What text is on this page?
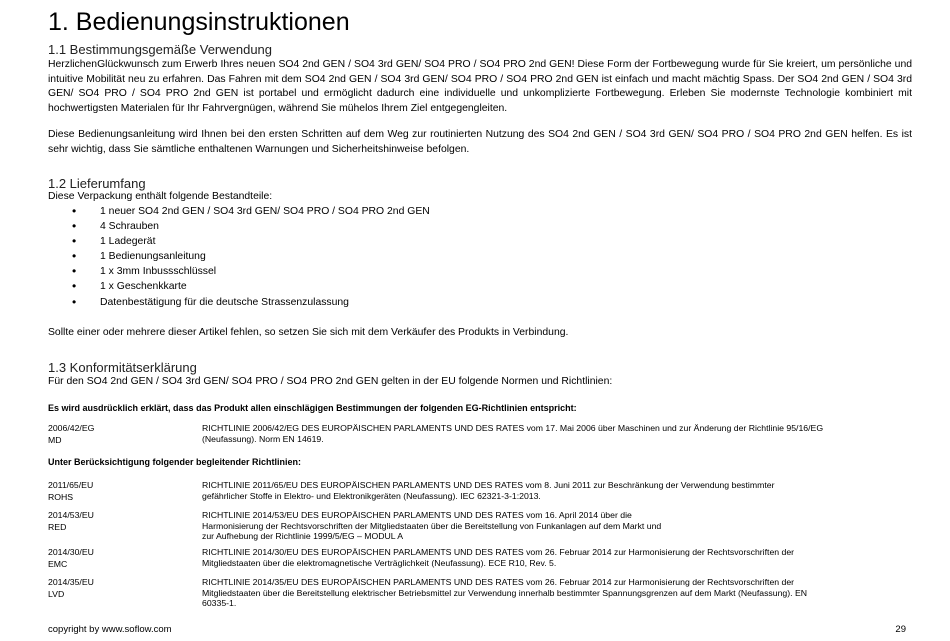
1. Bedienungsinstruktionen
1.1 Bestimmungsgemäße Verwendung

HerzlichenGlückwunsch zum Erwerb Ihres neuen SO4 2nd GEN / SO4 3rd GEN/ SO4 PRO / SO4 PRO 2nd GEN! Diese Form der Fortbewegung wurde für Sie kreiert, um persönliche und intuitive Mobilität neu zu erfahren. Das Fahren mit dem SO4 2nd GEN / SO4 3rd GEN/ SO4 PRO / SO4 PRO 2nd GEN ist einfach und macht mächtig Spass. Der SO4 2nd GEN / SO4 3rd GEN/ SO4 PRO / SO4 PRO 2nd GEN ist portabel und ermöglicht dadurch eine individuelle und unkomplizierte Fortbewegung. Erleben Sie modernste Technologie kombiniert mit hochwertigsten Materialen für Ihr Fahrvergnügen, während Sie mühelos Ihrem Ziel entgegengleiten.

Diese Bedienungsanleitung wird Ihnen bei den ersten Schritten auf dem Weg zur routinierten Nutzung des SO4 2nd GEN / SO4 3rd GEN/ SO4 PRO / SO4 PRO 2nd GEN helfen. Es ist sehr wichtig, dass Sie sämtliche enthaltenen Warnungen und Sicherheitshinweise befolgen.

1.2 Lieferumfang

Diese Verpackung enthält folgende Bestandteile:

• 1 neuer SO4 2nd GEN / SO4 3rd GEN/ SO4 PRO / SO4 PRO 2nd GEN
• 4 Schrauben
• 1 Ladegerät
• 1 Bedienungsanleitung
• 1 x 3mm Inbussschlüssel
• 1 x Geschenkkarte
• Datenbestätigung für die deutsche Strassenzulassung

Sollte einer oder mehrere dieser Artikel fehlen, so setzen Sie sich mit dem Verkäufer des Produkts in Verbindung.

1.3 Konformitätserklärung

Für den SO4 2nd GEN / SO4 3rd GEN/ SO4 PRO / SO4 PRO 2nd GEN gelten in der EU folgende Normen und Richtlinien:

Es wird ausdrücklich erklärt, dass das Produkt allen einschlägigen Bestimmungen der folgenden EG-Richtlinien entspricht:
2006/42/EG
MD
RICHTLINIE 2006/42/EG DES EUROPÄISCHEN PARLAMENTS UND DES RATES vom 17. Mai 2006 über Maschinen und zur Änderung der Richtlinie 95/16/EG
(Neufassung). Norm EN 14619.
Unter Berücksichtigung folgender begleitender Richtlinien:
2011/65/EU
ROHS
RICHTLINIE 2011/65/EU DES EUROPÄISCHEN PARLAMENTS UND DES RATES vom 8. Juni 2011 zur Beschränkung der Verwendung bestimmter
gefährlicher Stoffe in Elektro- und Elektronikgeräten (Neufassung). IEC 62321-3-1:2013.
2014/53/EU
RED
RICHTLINIE 2014/53/EU DES EUROPÄISCHEN PARLAMENTS UND DES RATES vom 16. April 2014 über die
Harmonisierung der Rechtsvorschriften der Mitgliedstaaten über die Bereitstellung von Funkanlagen auf dem Markt und
zur Aufhebung der Richtlinie 1999/5/EG – MODUL A
2014/30/EU
EMC
RICHTLINIE 2014/30/EU DES EUROPÄISCHEN PARLAMENTS UND DES RATES vom 26. Februar 2014 zur Harmonisierung der Rechtsvorschriften der
Mitgliedstaaten über die elektromagnetische Verträglichkeit (Neufassung). ECE R10, Rev. 5.
2014/35/EU
LVD
RICHTLINIE 2014/35/EU DES EUROPÄISCHEN PARLAMENTS UND DES RATES vom 26. Februar 2014 zur Harmonisierung der Rechtsvorschriften der
Mitgliedstaaten über die Bereitstellung elektrischer Betriebsmittel zur Verwendung innerhalb bestimmter Spannungsgrenzen auf dem Markt (Neufassung). EN
60335-1.
copyright by www.soflow.com	29
